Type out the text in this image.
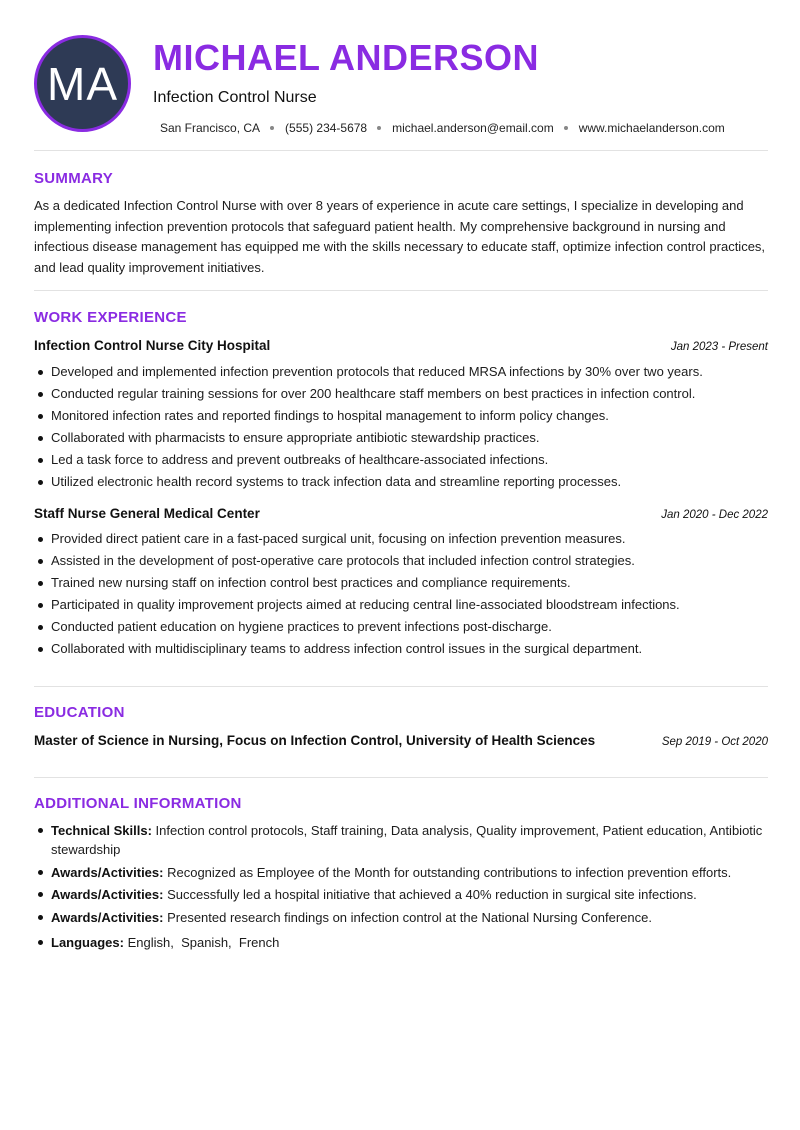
MA MICHAEL ANDERSON
Infection Control Nurse
San Francisco, CA (555) 234-5678 michael.anderson@email.com www.michaelanderson.com
SUMMARY

As a dedicated Infection Control Nurse with over 8 years of experience in acute care settings, I specialize in developing and implementing infection prevention protocols that safeguard patient health. My comprehensive background in nursing and infectious disease management has equipped me with the skills necessary to educate staff, optimize infection control practices, and lead quality improvement initiatives.

WORK EXPERIENCE
Infection Control Nurse City Hospital	Jan 2023 - Present
Developed and implemented infection prevention protocols that reduced MRSA infections by 30% over two years.
Conducted regular training sessions for over 200 healthcare staff members on best practices in infection control.
Monitored infection rates and reported findings to hospital management to inform policy changes.
Collaborated with pharmacists to ensure appropriate antibiotic stewardship practices.
Led a task force to address and prevent outbreaks of healthcare-associated infections.
Utilized electronic health record systems to track infection data and streamline reporting processes.
Staff Nurse General Medical Center	Jan 2020 - Dec 2022
Provided direct patient care in a fast-paced surgical unit, focusing on infection prevention measures.
Assisted in the development of post-operative care protocols that included infection control strategies.
Trained new nursing staff on infection control best practices and compliance requirements.
Participated in quality improvement projects aimed at reducing central line-associated bloodstream infections.
Conducted patient education on hygiene practices to prevent infections post-discharge.
Collaborated with multidisciplinary teams to address infection control issues in the surgical department.
EDUCATION
Master of Science in Nursing, Focus on Infection Control, University of Health Sciences	Sep 2019 - Oct 2020
ADDITIONAL INFORMATION
Technical Skills: Infection control protocols, Staff training, Data analysis, Quality improvement, Patient education, Antibiotic stewardship
Awards/Activities: Recognized as Employee of the Month for outstanding contributions to infection prevention efforts.
Awards/Activities: Successfully led a hospital initiative that achieved a 40% reduction in surgical site infections.
Awards/Activities: Presented research findings on infection control at the National Nursing Conference.
Languages: English,  Spanish,  French
